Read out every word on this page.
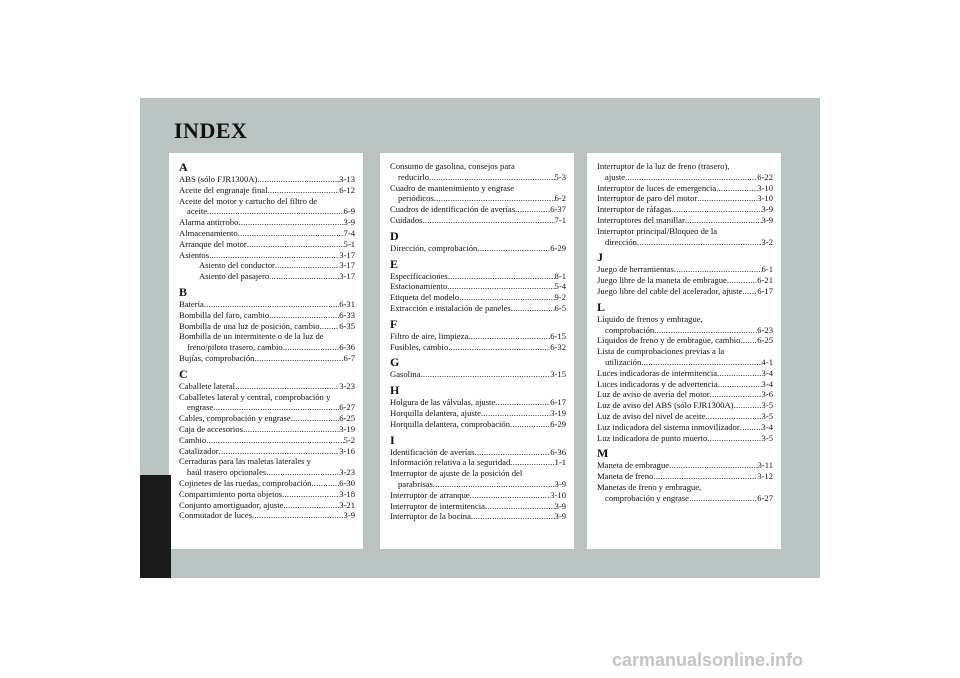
INDEX
A
ABS (sólo FJR1300A) .....	3-13
Aceite del engranaje final .....	6-12
Aceite del motor y cartucho del filtro de
aceite .....	6-9
Alarma antirrobo .....	3-9
Almacenamiento .....	7-4
Arranque del motor .....	5-1
Asientos .....	3-17
Asiento del conductor .....	3-17
Asiento del pasajero .....	3-17
B
Batería .....	6-31
Bombilla del faro, cambio .....	6-33
Bombilla de una luz de posición, cambio ..... 6-35
Bombilla de un intermitente o de la luz de
freno/piloto trasero, cambio .....	6-36
Bujías, comprobación .....	6-7
C
Caballete lateral .....	3-23
Caballetes lateral y central, comprobación y
engrase .....	6-27
Cables, comprobación y engrase .....	6-25
Caja de accesorios .....	3-19
Cambio .....	5-2
Catalizador .....	3-16
Cerraduras para las maletas laterales y
baúl trasero opcionales .....	3-23
Cojinetes de las ruedas, comprobación .....	6-30
Compartimiento porta objetos .....	3-18
Conjunto amortiguador, ajuste .....	3-21
Conmutador de luces .....	3-9
Consumo de gasolina, consejos para
reducirlo .....	5-3
Cuadro de mantenimiento y engrase
periódicos .....	6-2
Cuadros de identificación de averías .....	6-37
Cuidados .....	7-1
D
Dirección, comprobación .....	6-29
E
Especificaciones .....	8-1
Estacionamiento .....	5-4
Etiqueta del modelo .....	9-2
Extracción e instalación de paneles .....	6-5
F
Filtro de aire, limpieza .....	6-15
Fusibles, cambio .....	6-32
G
Gasolina .....	3-15
H
Holgura de las válvulas, ajuste .....	6-17
Horquilla delantera, ajuste .....	3-19
Horquilla delantera, comprobación .....	6-29
I
Identificación de averías .....	6-36
Información relativa a la seguridad .....	1-1
Interruptor de ajuste de la posición del
parabrisas .....	3-9
Interruptor de arranque .....	3-10
Interruptor de intermitencia .....	3-9
Interruptor de la bocina .....	3-9
Interruptor de la luz de freno (trasero),
ajuste .....	6-22
Interruptor de luces de emergencia .....	3-10
Interruptor de paro del motor .....	3-10
Interruptor de ráfagas .....	3-9
Interruptores del manillar .....	3-9
Interruptor principal/Bloqueo de la
dirección .....	3-2
J
Juego de herramientas .....	6-1
Juego libre de la maneta de embrague .....	6-21
Juego libre del cable del acelerador, ajuste ..... 6-17
L
Líquido de frenos y embrague,
comprobación .....	6-23
Líquidos de freno y de embrague, cambio ..... 6-25
Lista de comprobaciones previas a la
utilización .....	4-1
Luces indicadoras de intermitencia .....	3-4
Luces indicadoras y de advertencia .....	3-4
Luz de aviso de avería del motor .....	3-6
Luz de aviso del ABS (sólo FJR1300A) .....	3-5
Luz de aviso del nivel de aceite .....	3-5
Luz indicadora del sistema inmovilizador .....	3-4
Luz indicadora de punto muerto .....	3-5
M
Maneta de embrague .....	3-11
Maneta de freno .....	3-12
Manetas de freno y embrague,
comprobación y engrase .....	6-27
carmanualsonline.info
